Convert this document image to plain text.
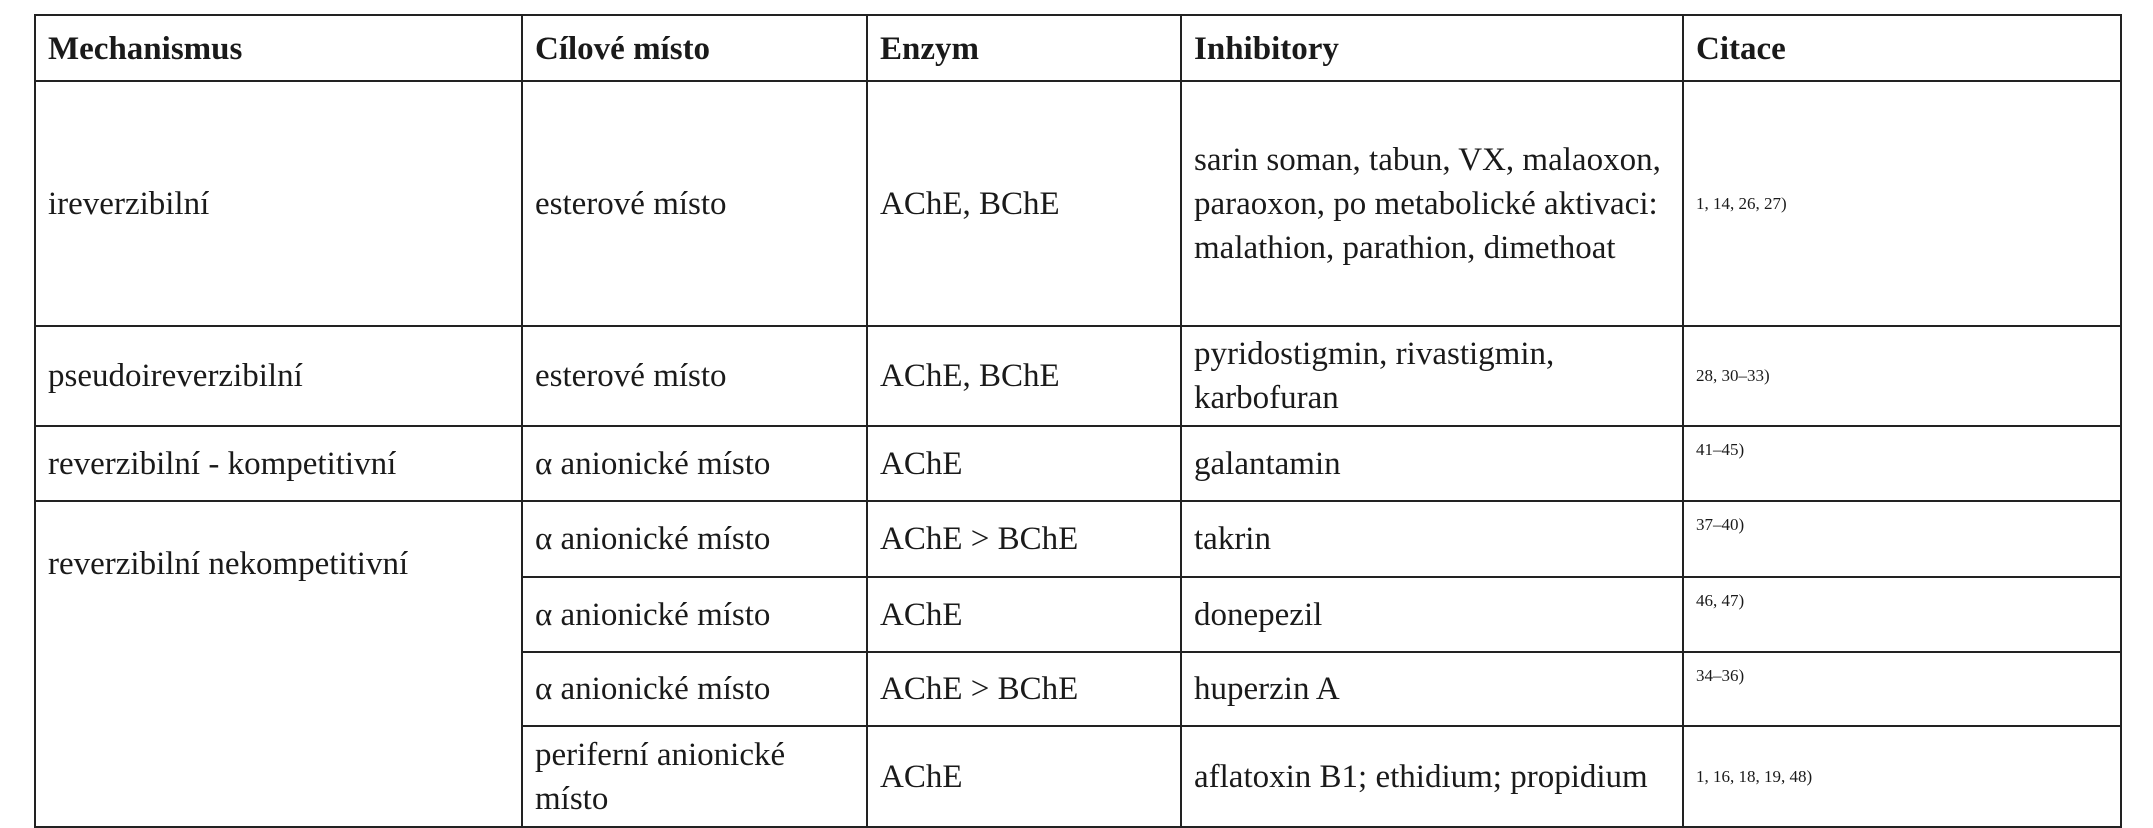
Mechanismus	Cílové místo	Enzym	Inhibitory	Citace
ireverzibilní	esterové místo	AChE, BChE	sarin soman, tabun, VX, malaoxon, paraoxon, po metabolické aktivaci: malathion, parathion, dimethoat	1, 14, 26, 27)
pseudoireverzibilní	esterové místo	AChE, BChE	pyridostigmin, rivastigmin, karbofuran	28, 30–33)
reverzibilní - kompetitivní	α anionické místo	AChE	galantamin	41–45)
reverzibilní nekompetitivní	α anionické místo	AChE > BChE	takrin	37–40)
	α anionické místo	AChE	donepezil	46, 47)
	α anionické místo	AChE > BChE	huperzin A	34–36)
	periferní anionické místo	AChE	aflatoxin B1; ethidium; propidium	1, 16, 18, 19, 48)
